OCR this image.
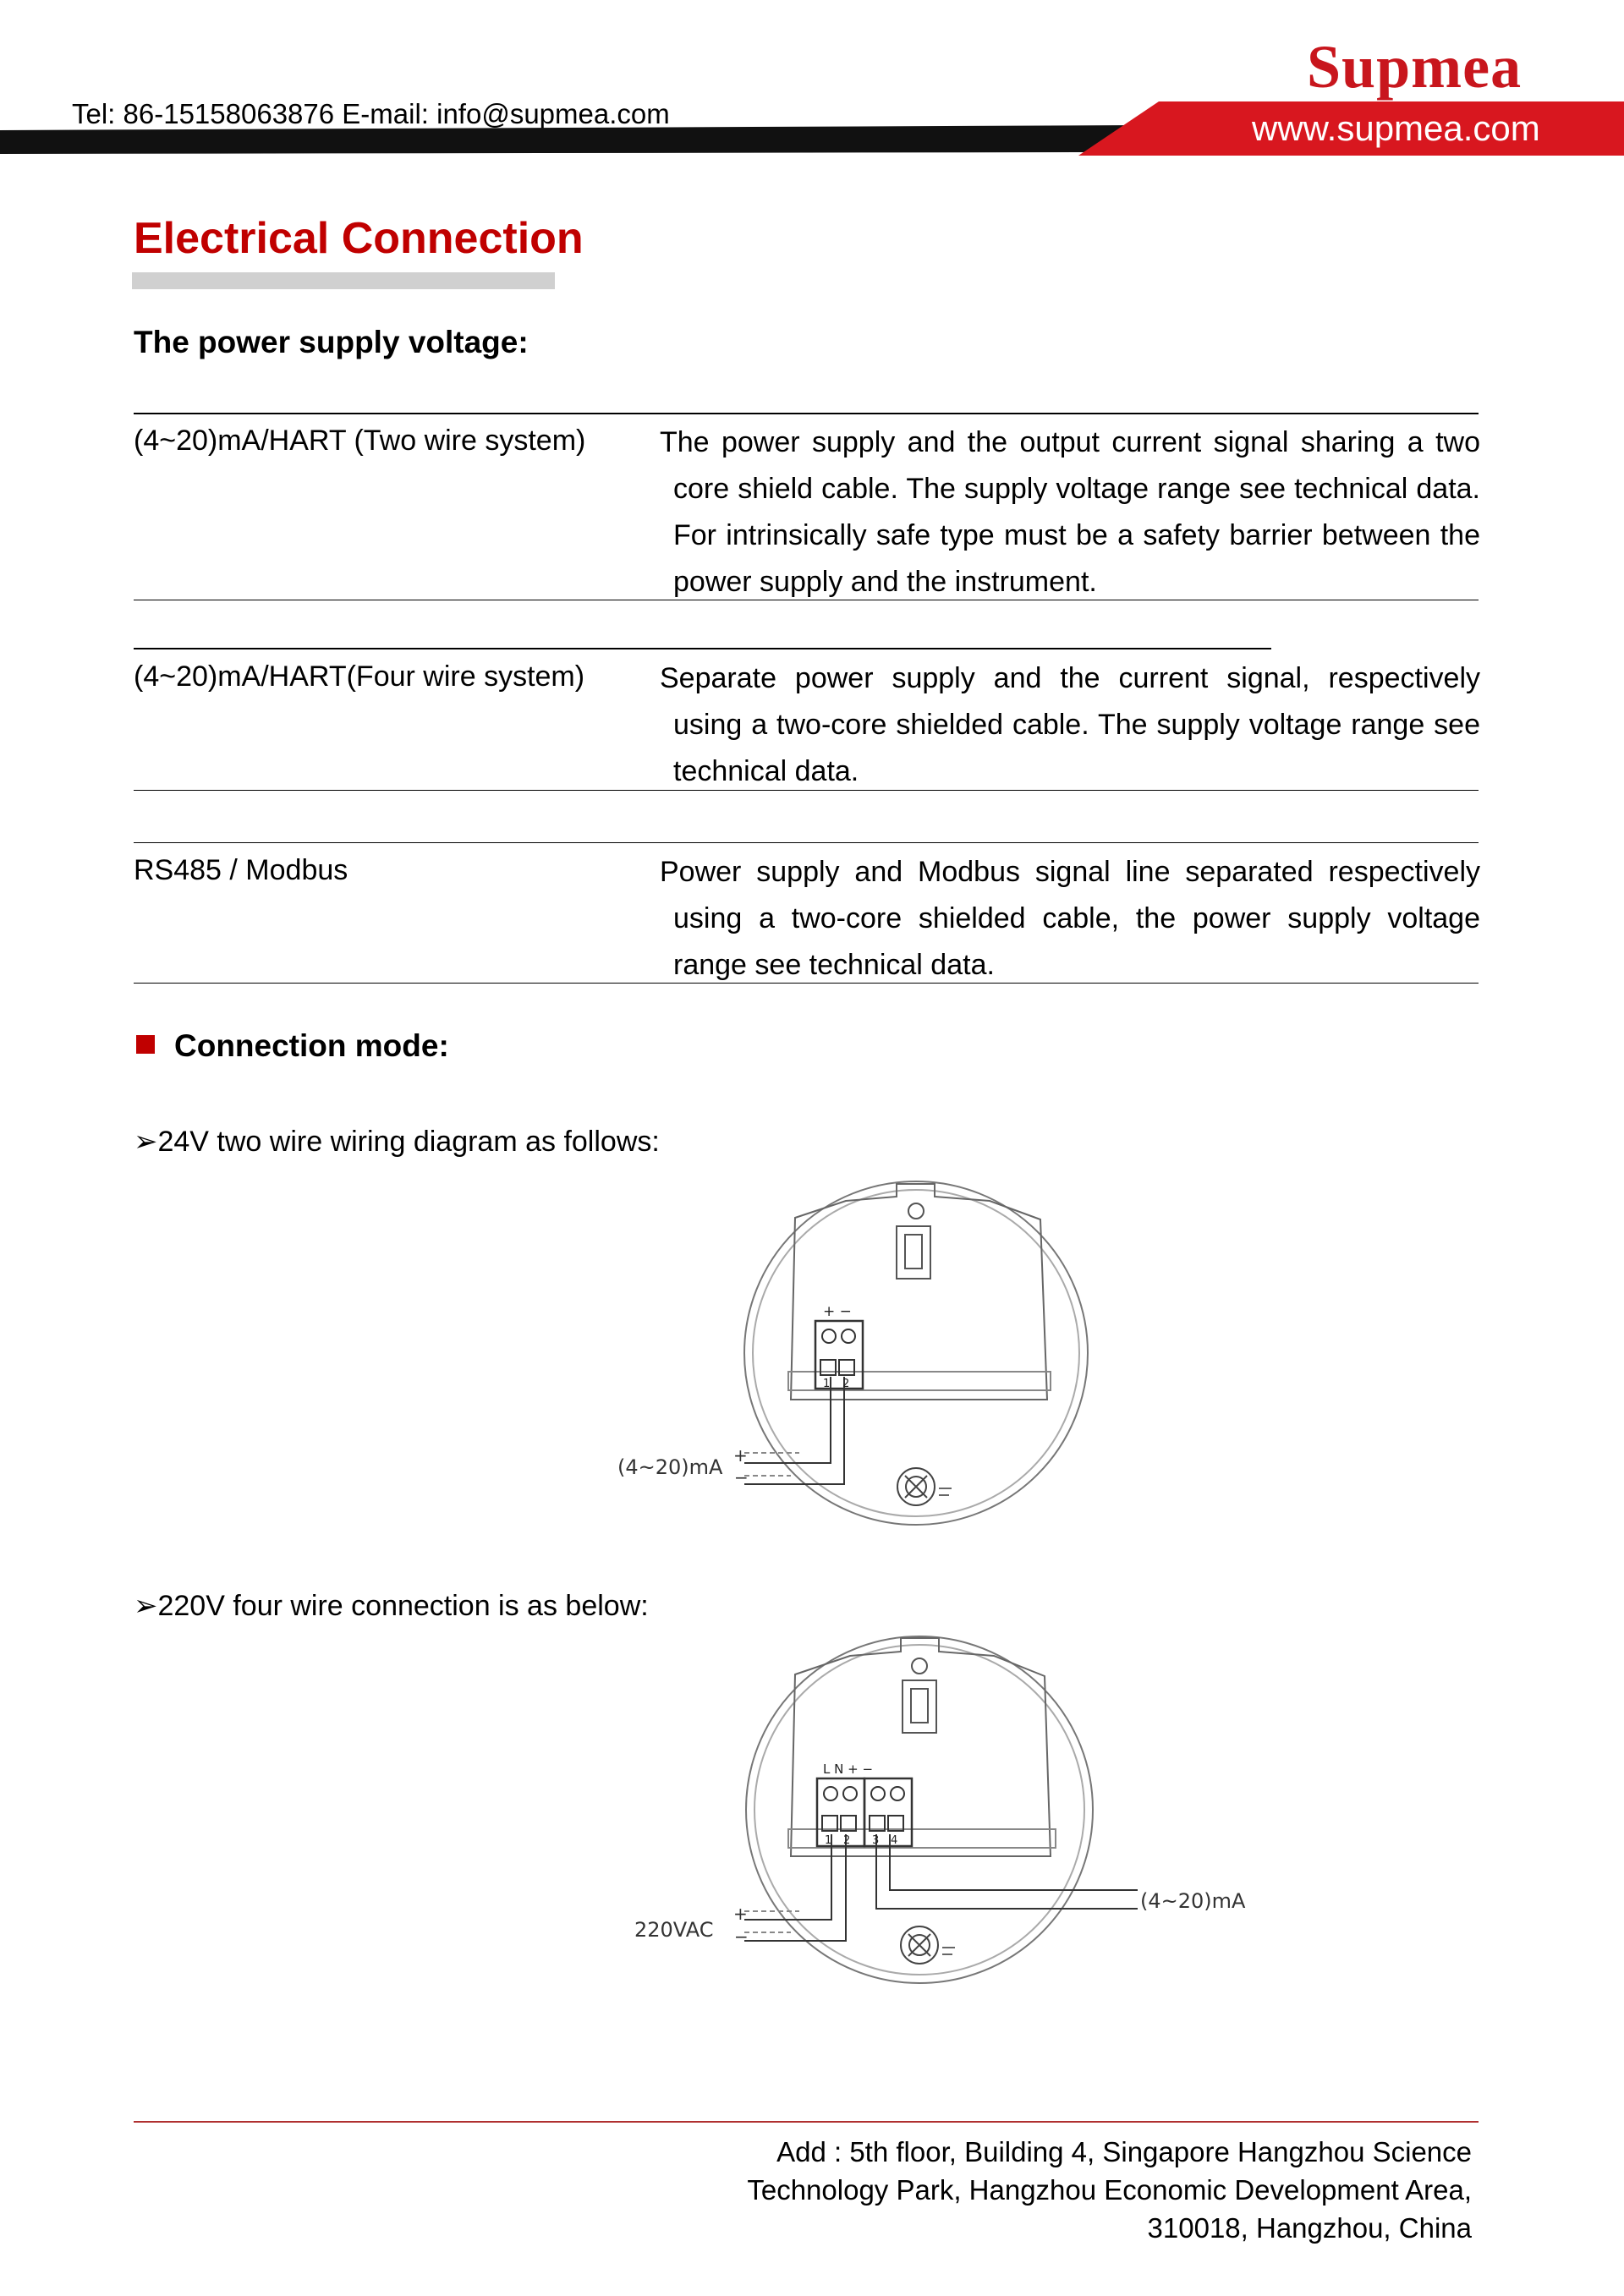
Tel: 86-15158063876 E-mail: info@supmea.com
Supmea
www.supmea.com
Electrical Connection
The power supply voltage:
(4~20)mA/HART (Two wire system)	The power supply and the output current signal sharing a two core shield cable. The supply voltage range see technical data. For intrinsically safe type must be a safety barrier between the power supply and the instrument.
(4~20)mA/HART(Four wire system)	Separate power supply and the current signal, respectively using a two-core shielded cable. The supply voltage range see technical data.
RS485 / Modbus	Power supply and Modbus signal line separated respectively using a two-core shielded cable, the power supply voltage range see technical data.
Connection mode:
➢24V two wire wiring diagram as follows:
+ −
1 2
(4~20)mA +
−
➢220V four wire connection is as below:
L N + −
1 2 3 4
220VAC
+
−
(4~20)mA
Add : 5th floor, Building 4, Singapore Hangzhou Science
Technology Park, Hangzhou Economic Development Area,
310018, Hangzhou, China
